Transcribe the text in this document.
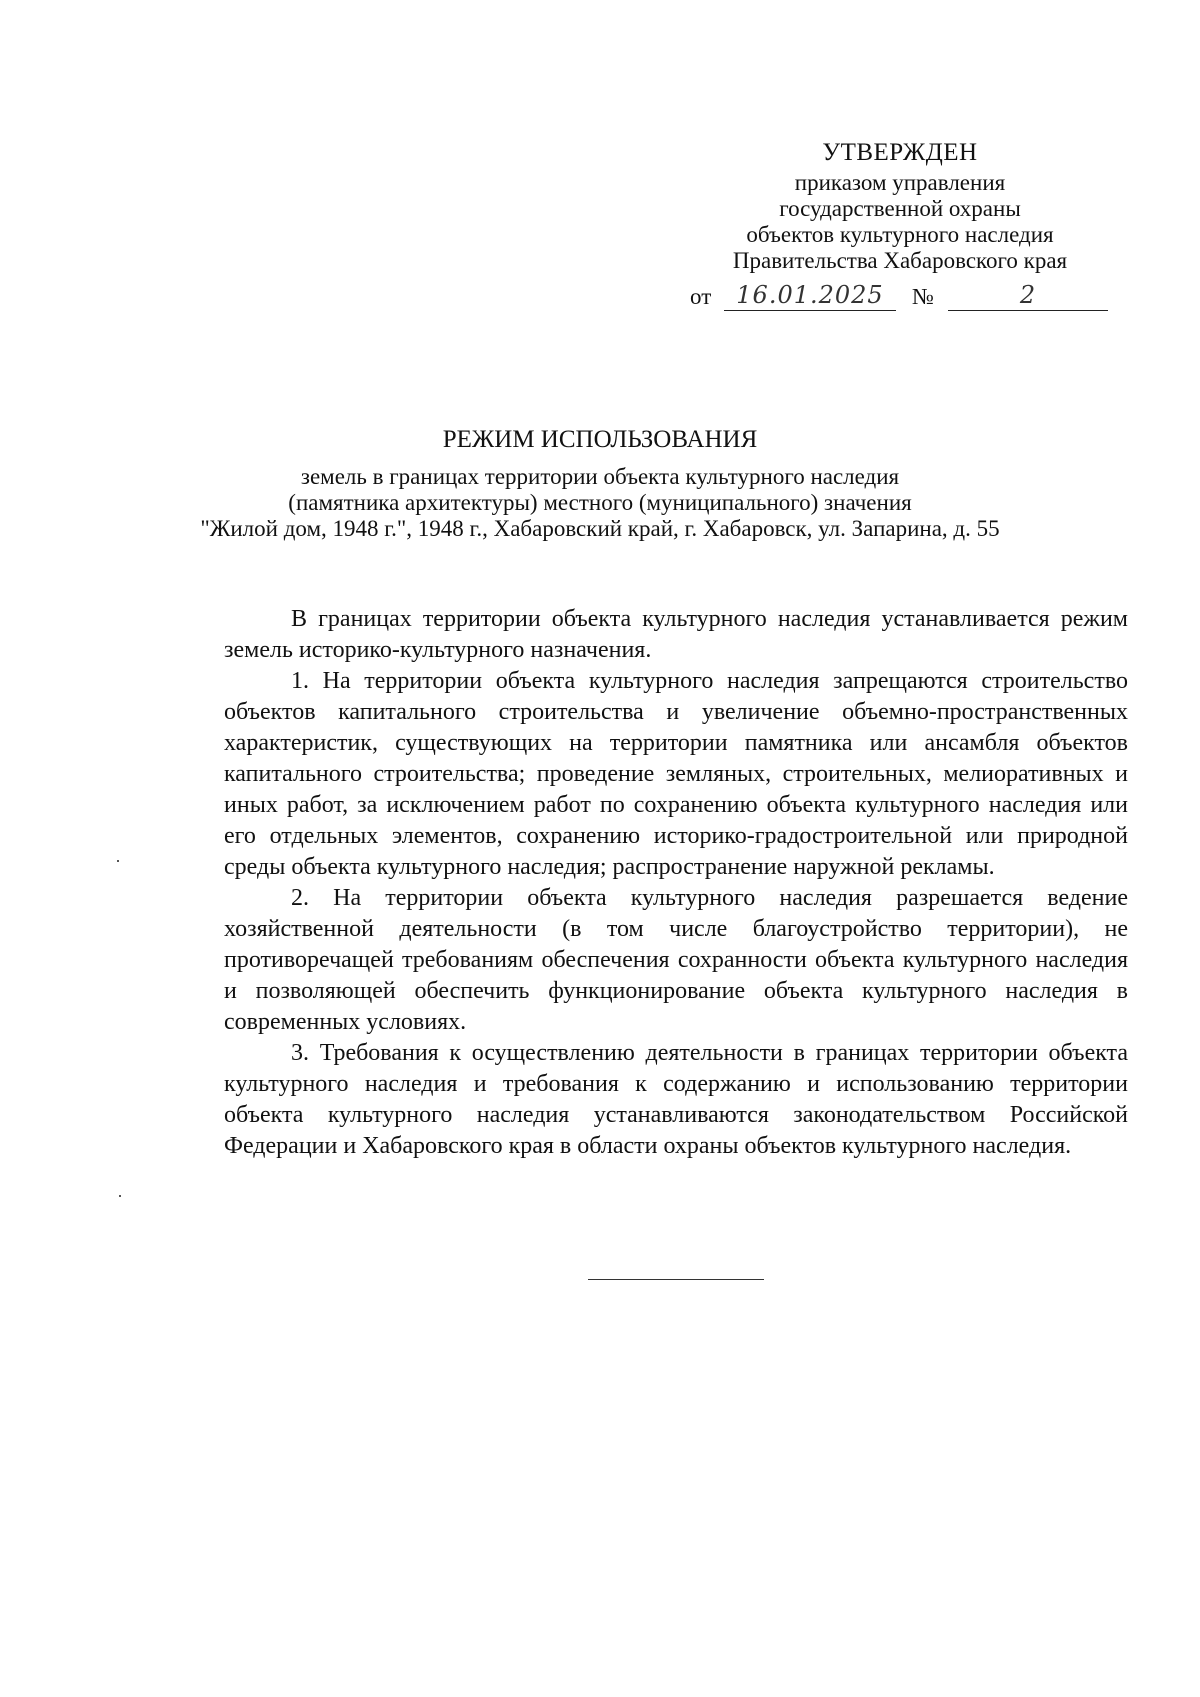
УТВЕРЖДЕН
приказом управления
государственной охраны
объектов культурного наследия
Правительства Хабаровского края
от	16.01.2025	№	2
РЕЖИМ ИСПОЛЬЗОВАНИЯ
земель в границах территории объекта культурного наследия
(памятника архитектуры) местного (муниципального) значения
"Жилой дом, 1948 г.", 1948 г., Хабаровский край, г. Хабаровск, ул. Запарина, д. 55

В границах территории объекта культурного наследия устанавливается режим земель историко-культурного назначения.

1. На территории объекта культурного наследия запрещаются строительство объектов капитального строительства и увеличение объемно-пространственных характеристик, существующих на территории памятника или ансамбля объектов капитального строительства; проведение земляных, строительных, мелиоративных и иных работ, за исключением работ по сохранению объекта культурного наследия или его отдельных элементов, сохранению историко-градостроительной или природной среды объекта культурного наследия; распространение наружной рекламы.

2. На территории объекта культурного наследия разрешается ведение хозяйственной деятельности (в том числе благоустройство территории), не противоречащей требованиям обеспечения сохранности объекта культурного наследия и позволяющей обеспечить функционирование объекта культурного наследия в современных условиях.

3. Требования к осуществлению деятельности в границах территории объекта культурного наследия и требования к содержанию и использованию территории объекта культурного наследия устанавливаются законодательством Российской Федерации и Хабаровского края в области охраны объектов культурного наследия.
